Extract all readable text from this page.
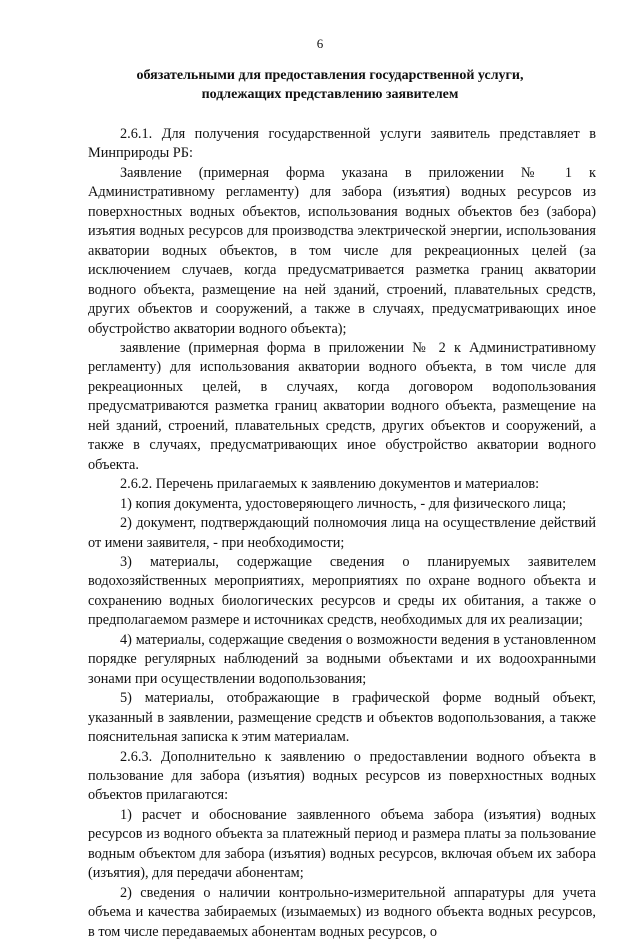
6
обязательными для предоставления государственной услуги,
подлежащих представлению заявителем

2.6.1. Для получения государственной услуги заявитель представляет в Минприроды РБ:

Заявление (примерная форма указана в приложении № 1 к Административному регламенту) для забора (изъятия) водных ресурсов из поверхностных водных объектов, использования водных объектов без (забора) изъятия водных ресурсов для производства электрической энергии, использования акватории водных объектов, в том числе для рекреационных целей (за исключением случаев, когда предусматривается разметка границ акватории водного объекта, размещение на ней зданий, строений, плавательных средств, других объектов и сооружений, а также в случаях, предусматривающих иное обустройство акватории водного объекта);

заявление (примерная форма в приложении № 2 к Административному регламенту) для использования акватории водного объекта, в том числе для рекреационных целей, в случаях, когда договором водопользования предусматриваются разметка границ акватории водного объекта, размещение на ней зданий, строений, плавательных средств, других объектов и сооружений, а также в случаях, предусматривающих иное обустройство акватории водного объекта.

2.6.2. Перечень прилагаемых к заявлению документов и материалов:

1) копия документа, удостоверяющего личность, - для физического лица;

2) документ, подтверждающий полномочия лица на осуществление действий от имени заявителя, - при необходимости;

3) материалы, содержащие сведения о планируемых заявителем водохозяйственных мероприятиях, мероприятиях по охране водного объекта и сохранению водных биологических ресурсов и среды их обитания, а также о предполагаемом размере и источниках средств, необходимых для их реализации;

4) материалы, содержащие сведения о возможности ведения в установленном порядке регулярных наблюдений за водными объектами и их водоохранными зонами при осуществлении водопользования;

5) материалы, отображающие в графической форме водный объект, указанный в заявлении, размещение средств и объектов водопользования, а также пояснительная записка к этим материалам.

2.6.3. Дополнительно к заявлению о предоставлении водного объекта в пользование для забора (изъятия) водных ресурсов из поверхностных водных объектов прилагаются:

1) расчет и обоснование заявленного объема забора (изъятия) водных ресурсов из водного объекта за платежный период и размера платы за пользование водным объектом для забора (изъятия) водных ресурсов, включая объем их забора (изъятия), для передачи абонентам;

2) сведения о наличии контрольно-измерительной аппаратуры для учета объема и качества забираемых (изымаемых) из водного объекта водных ресурсов, в том числе передаваемых абонентам водных ресурсов, о
